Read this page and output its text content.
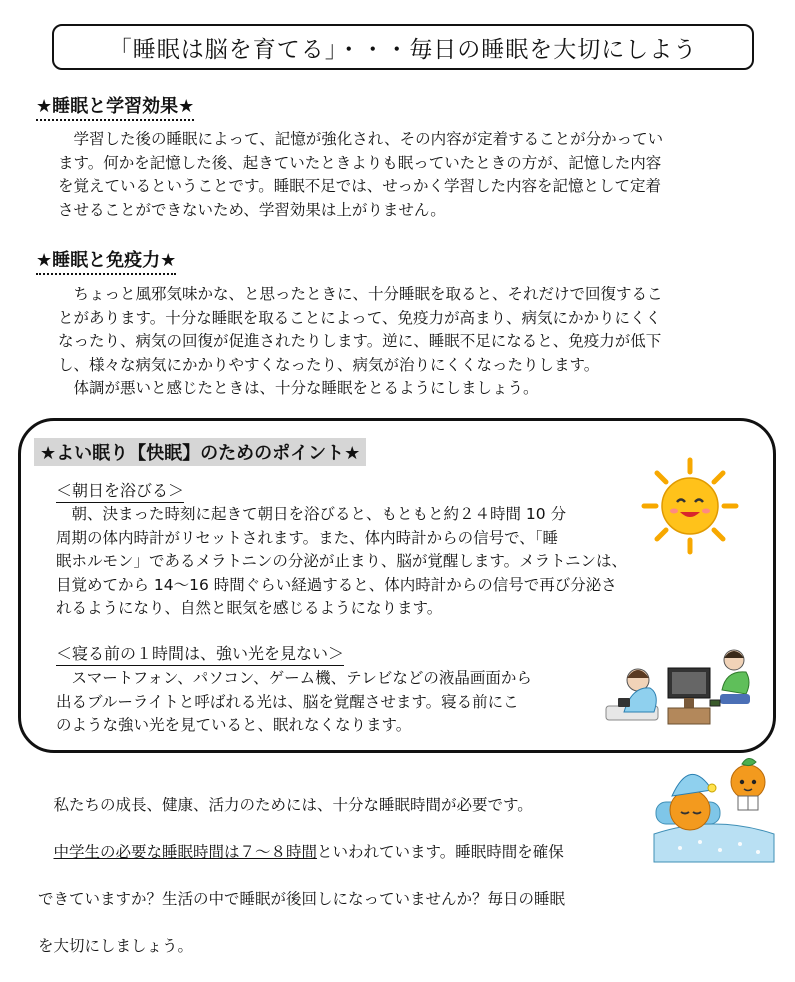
「睡眠は脳を育てる」・・・毎日の睡眠を大切にしよう
★睡眠と学習効果★
　学習した後の睡眠によって、記憶が強化され、その内容が定着することが分かってい
ます。何かを記憶した後、起きていたときよりも眠っていたときの方が、記憶した内容
を覚えているということです。睡眠不足では、せっかく学習した内容を記憶として定着
させることができないため、学習効果は上がりません。
★睡眠と免疫力★
　ちょっと風邪気味かな、と思ったときに、十分睡眠を取ると、それだけで回復するこ
とがあります。十分な睡眠を取ることによって、免疫力が高まり、病気にかかりにくく
なったり、病気の回復が促進されたりします。逆に、睡眠不足になると、免疫力が低下
し、様々な病気にかかりやすくなったり、病気が治りにくくなったりします。
　体調が悪いと感じたときは、十分な睡眠をとるようにしましょう。
★よい眠り【快眠】のためのポイント★
＜朝日を浴びる＞
　朝、決まった時刻に起きて朝日を浴びると、もともと約２４時間 10 分
周期の体内時計がリセットされます。また、体内時計からの信号で、「睡
眠ホルモン」であるメラトニンの分泌が止まり、脳が覚醒します。メラトニンは、
目覚めてから 14～16 時間ぐらい経過すると、体内時計からの信号で再び分泌さ
れるようになり、自然と眠気を感じるようになります。
＜寝る前の１時間は、強い光を見ない＞
　スマートフォン、パソコン、ゲーム機、テレビなどの液晶画面から
出るブルーライトと呼ばれる光は、脳を覚醒させます。寝る前にこ
のような強い光を見ていると、眠れなくなります。

　私たちの成長、健康、活力のためには、十分な睡眠時間が必要です。

　中学生の必要な睡眠時間は７～８時間といわれています。睡眠時間を確保

できていますか？生活の中で睡眠が後回しになっていませんか？毎日の睡眠

を大切にしましょう。
